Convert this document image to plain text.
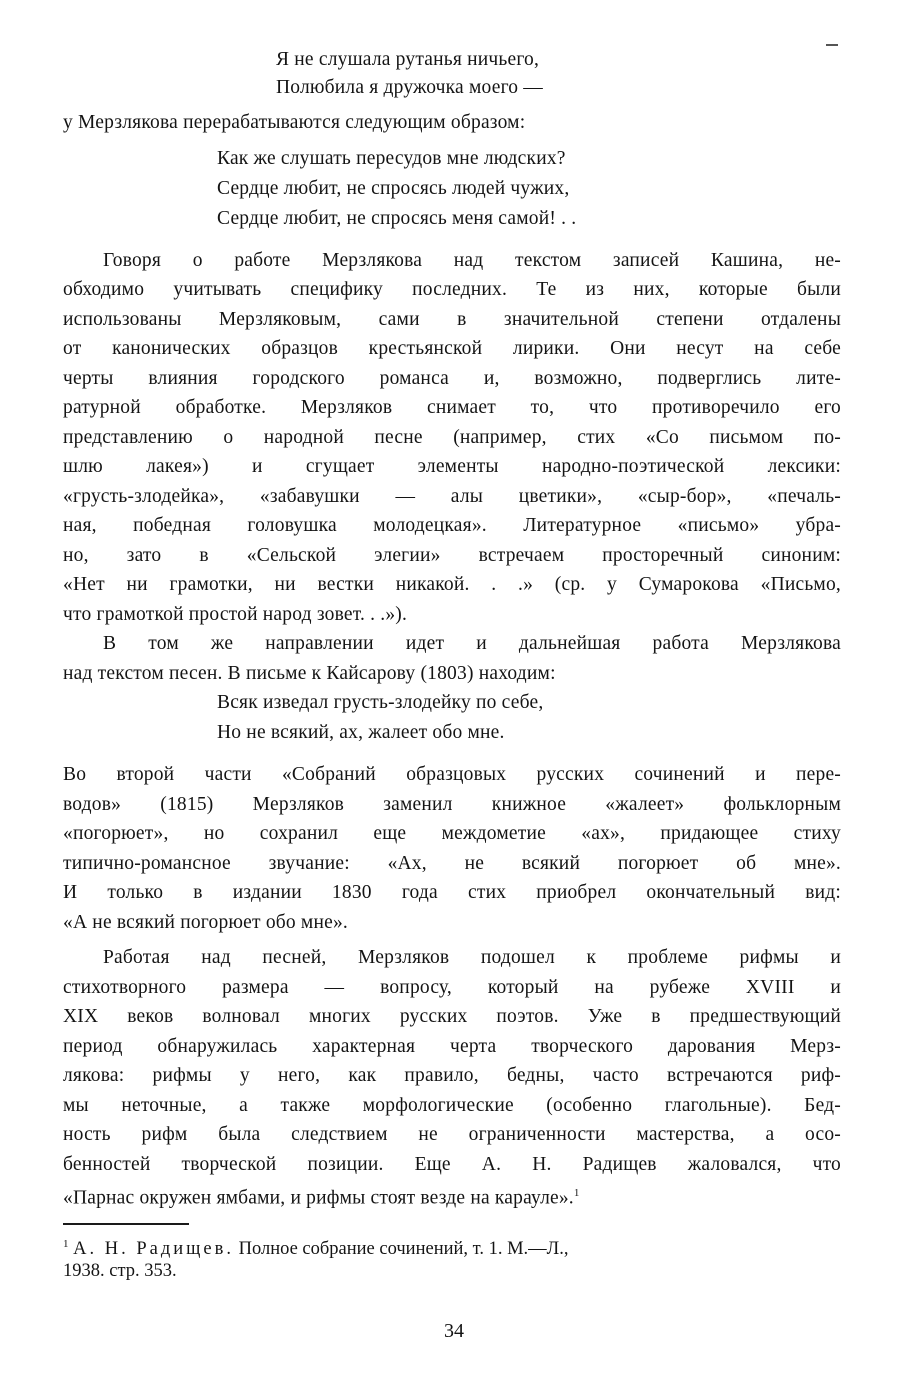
Я не слушала рутанья ничьего,
Полюбила я дружочка моего —
у Мерзлякова перерабатываются следующим образом:
Как же слушать пересудов мне людских?
Сердце любит, не спросясь людей чужих,
Сердце любит, не спросясь меня самой! . .
Говоря о работе Мерзлякова над текстом записей Кашина, не-
обходимо учитывать специфику последних. Те из них, которые были
использованы Мерзляковым, сами в значительной степени отдалены
от канонических образцов крестьянской лирики. Они несут на себе
черты влияния городского романса и, возможно, подверглись лите-
ратурной обработке. Мерзляков снимает то, что противоречило его
представлению о народной песне (например, стих «Со письмом по-
шлю лакея») и сгущает элементы народно-поэтической лексики:
«грусть-злодейка», «забавушки — алы цветики», «сыр-бор», «печаль-
ная, победная головушка молодецкая». Литературное «письмо» убра-
но, зато в «Сельской элегии» встречаем просторечный синоним:
«Нет ни грамотки, ни вестки никакой. . .» (ср. у Сумарокова «Письмо,
что грамоткой простой народ зовет. . .»).
В том же направлении идет и дальнейшая работа Мерзлякова
над текстом песен. В письме к Кайсарову (1803) находим:
Всяк изведал грусть-злодейку по себе,
Но не всякий, ах, жалеет обо мне.
Во второй части «Собраний образцовых русских сочинений и пере-
водов» (1815) Мерзляков заменил книжное «жалеет» фольклорным
«погорюет», но сохранил еще междометие «ах», придающее стиху
типично-романсное звучание: «Ах, не всякий погорюет об мне».
И только в издании 1830 года стих приобрел окончательный вид:
«А не всякий погорюет обо мне».
Работая над песней, Мерзляков подошел к проблеме рифмы и
стихотворного размера — вопросу, который на рубеже XVIII и
XIX веков волновал многих русских поэтов. Уже в предшествующий
период обнаружилась характерная черта творческого дарования Мерз-
лякова: рифмы у него, как правило, бедны, часто встречаются риф-
мы неточные, а также морфологические (особенно глагольные). Бед-
ность рифм была следствием не ограниченности мастерства, а осо-
бенностей творческой позиции. Еще А. Н. Радищев жаловался, что
«Парнас окружен ямбами, и рифмы стоят везде на карауле».$^1$
$^1$ А. Н. Радищев. Полное собрание сочинений, т. 1. М.—Л.,
1938. стр. 353.
34
